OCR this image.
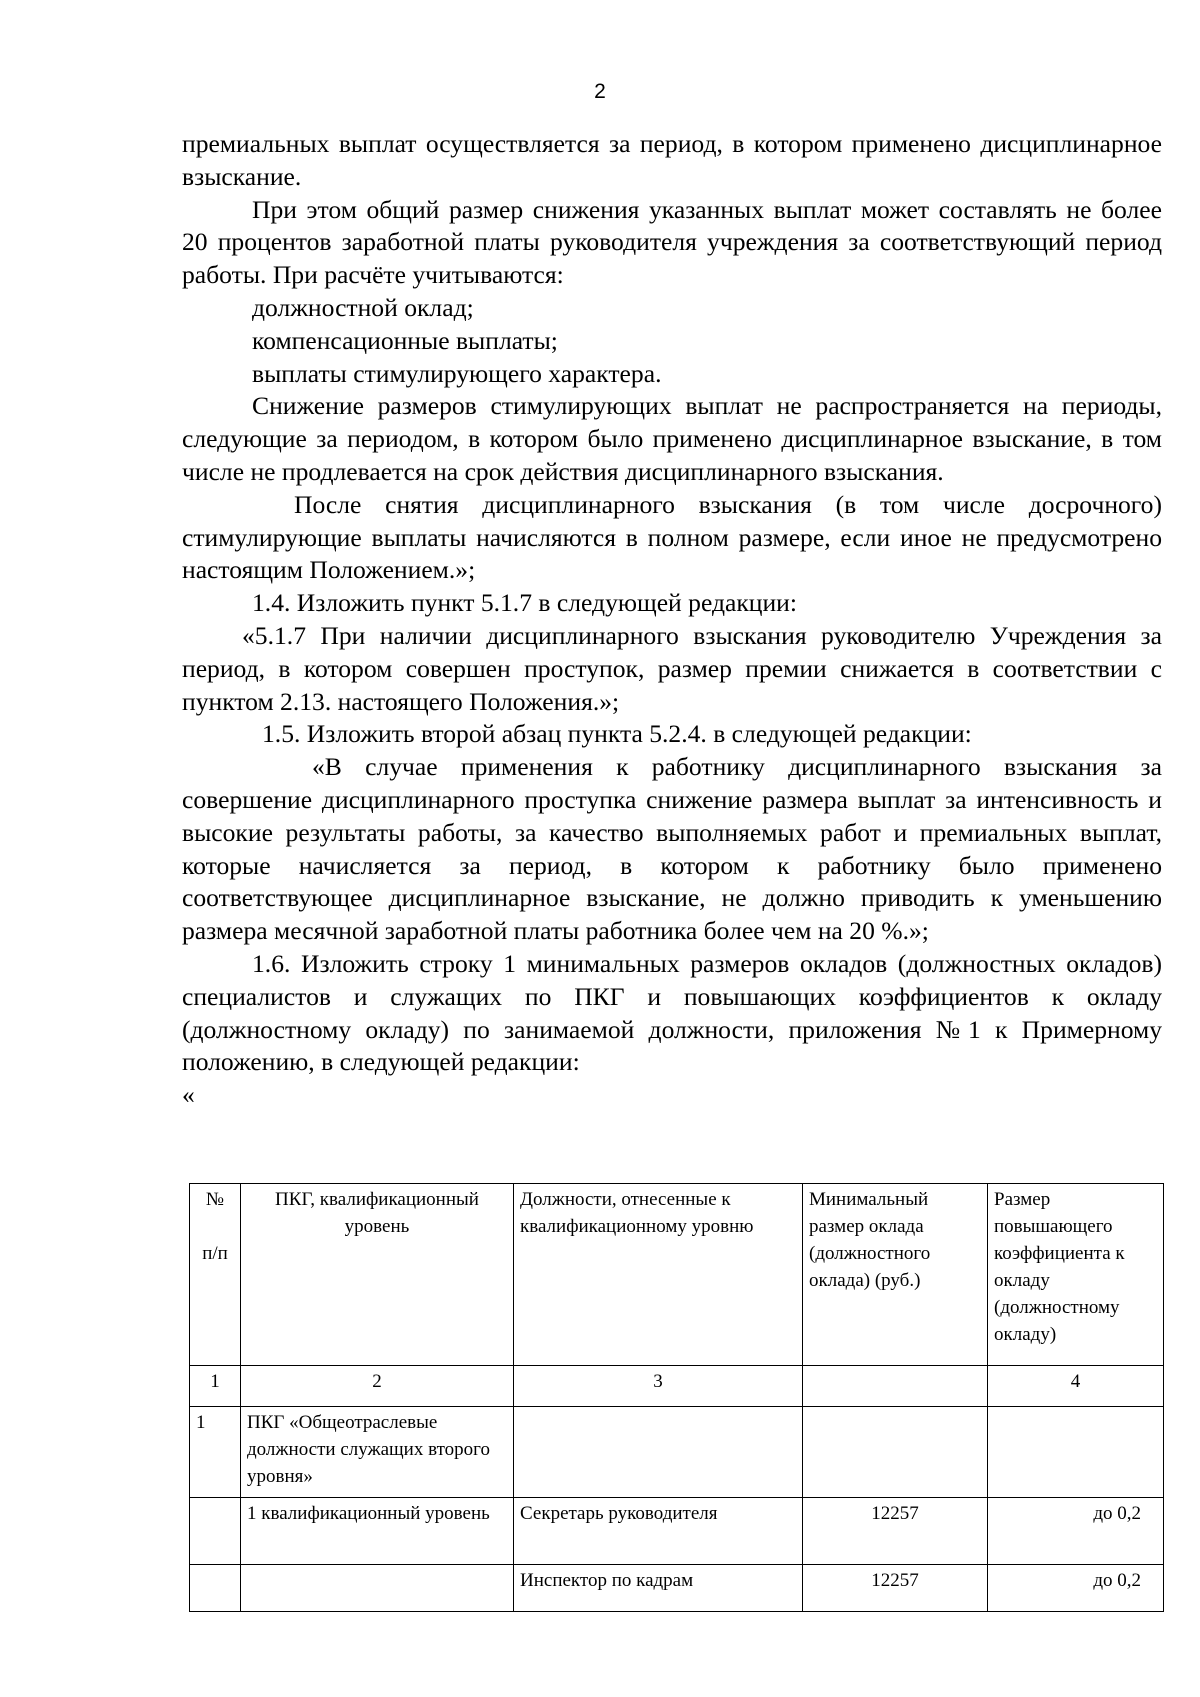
2

премиальных выплат осуществляется за период, в котором применено дисциплинарное взыскание.

При этом общий размер снижения указанных выплат может составлять не более 20 процентов заработной платы руководителя учреждения за соответствующий период работы. При расчёте учитываются:

должностной оклад;

компенсационные выплаты;

выплаты стимулирующего характера.

Снижение размеров стимулирующих выплат не распространяется на периоды, следующие за периодом, в котором было применено дисциплинарное взыскание, в том числе не продлевается на срок действия дисциплинарного взыскания.

После снятия дисциплинарного взыскания (в том числе досрочного) стимулирующие выплаты начисляются в полном размере, если иное не предусмотрено настоящим Положением.»;

1.4. Изложить пункт 5.1.7 в следующей редакции:

«5.1.7 При наличии дисциплинарного взыскания руководителю Учреждения за период, в котором совершен проступок, размер премии снижается в соответствии с пунктом 2.13. настоящего Положения.»;

1.5. Изложить второй абзац пункта 5.2.4. в следующей редакции:

«В случае применения к работнику дисциплинарного взыскания за совершение дисциплинарного проступка снижение размера выплат за интенсивность и высокие результаты работы, за качество выполняемых работ и премиальных выплат, которые начисляется за период, в котором к работнику было применено соответствующее дисциплинарное взыскание, не должно приводить к уменьшению размера месячной заработной платы работника более чем на 20 %.»;

1.6. Изложить строку 1 минимальных размеров окладов (должностных окладов) специалистов и служащих по ПКГ и повышающих коэффициентов к окладу (должностному окладу) по занимаемой должности, приложения №1 к Примерному положению, в следующей редакции:

«

№

п/п	ПКГ, квалификационный уровень	Должности, отнесенные к квалификационному уровню	Минимальный размер оклада (должностного оклада) (руб.)	Размер повышающего коэффициента к окладу (должностному окладу)
1	2	3		4
1	ПКГ «Общеотраслевые должности служащих второго уровня»			
	1 квалификационный уровень	Секретарь руководителя	12257	до 0,2
		Инспектор по кадрам	12257	до 0,2
